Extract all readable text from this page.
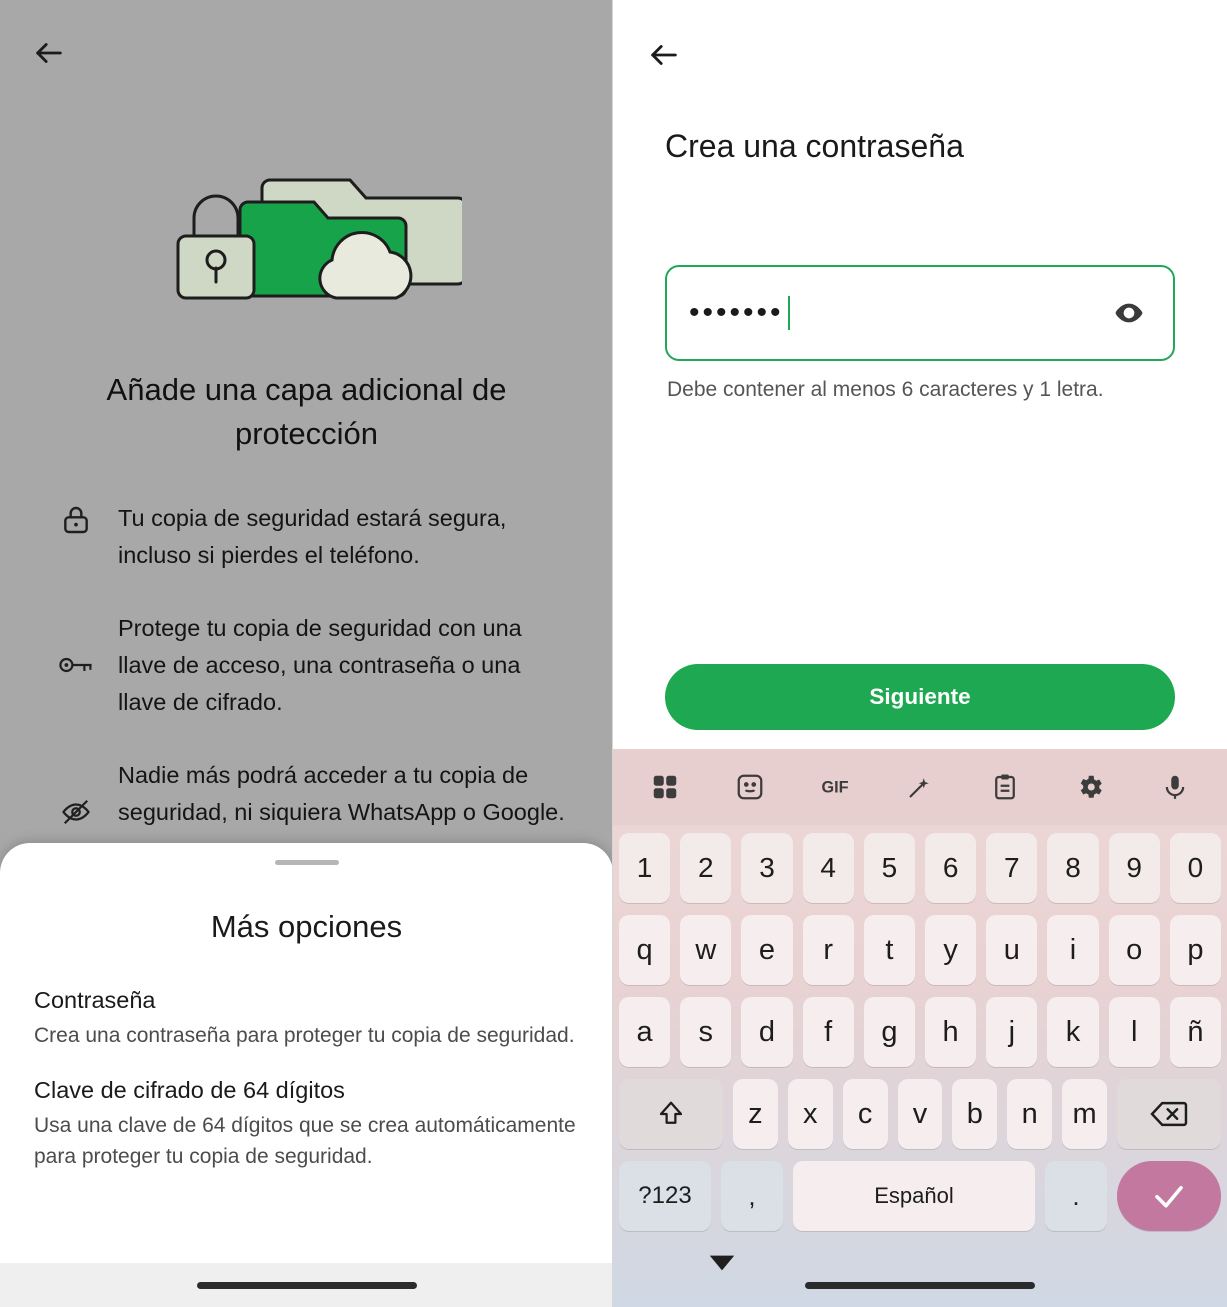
Añade una capa adicional de protección
Tu copia de seguridad estará segura, incluso si pierdes el teléfono.
Protege tu copia de seguridad con una llave de acceso, una contraseña o una llave de cifrado.
Nadie más podrá acceder a tu copia de seguridad, ni siquiera WhatsApp o Google.
Más opciones
Contraseña
Crea una contraseña para proteger tu copia de seguridad.
Clave de cifrado de 64 dígitos
Usa una clave de 64 dígitos que se crea automáticamente para proteger tu copia de seguridad.
Crea una contraseña
•••••••
Debe contener al menos 6 caracteres y 1 letra.
Siguiente
GIF
1	2	3	4	5	6	7	8	9	0
q	w	e	r	t	y	u	i	o	p
a	s	d	f	g	h	j	k	l	ñ
z	x	c	v	b	n	m
?123	,	Español	.
